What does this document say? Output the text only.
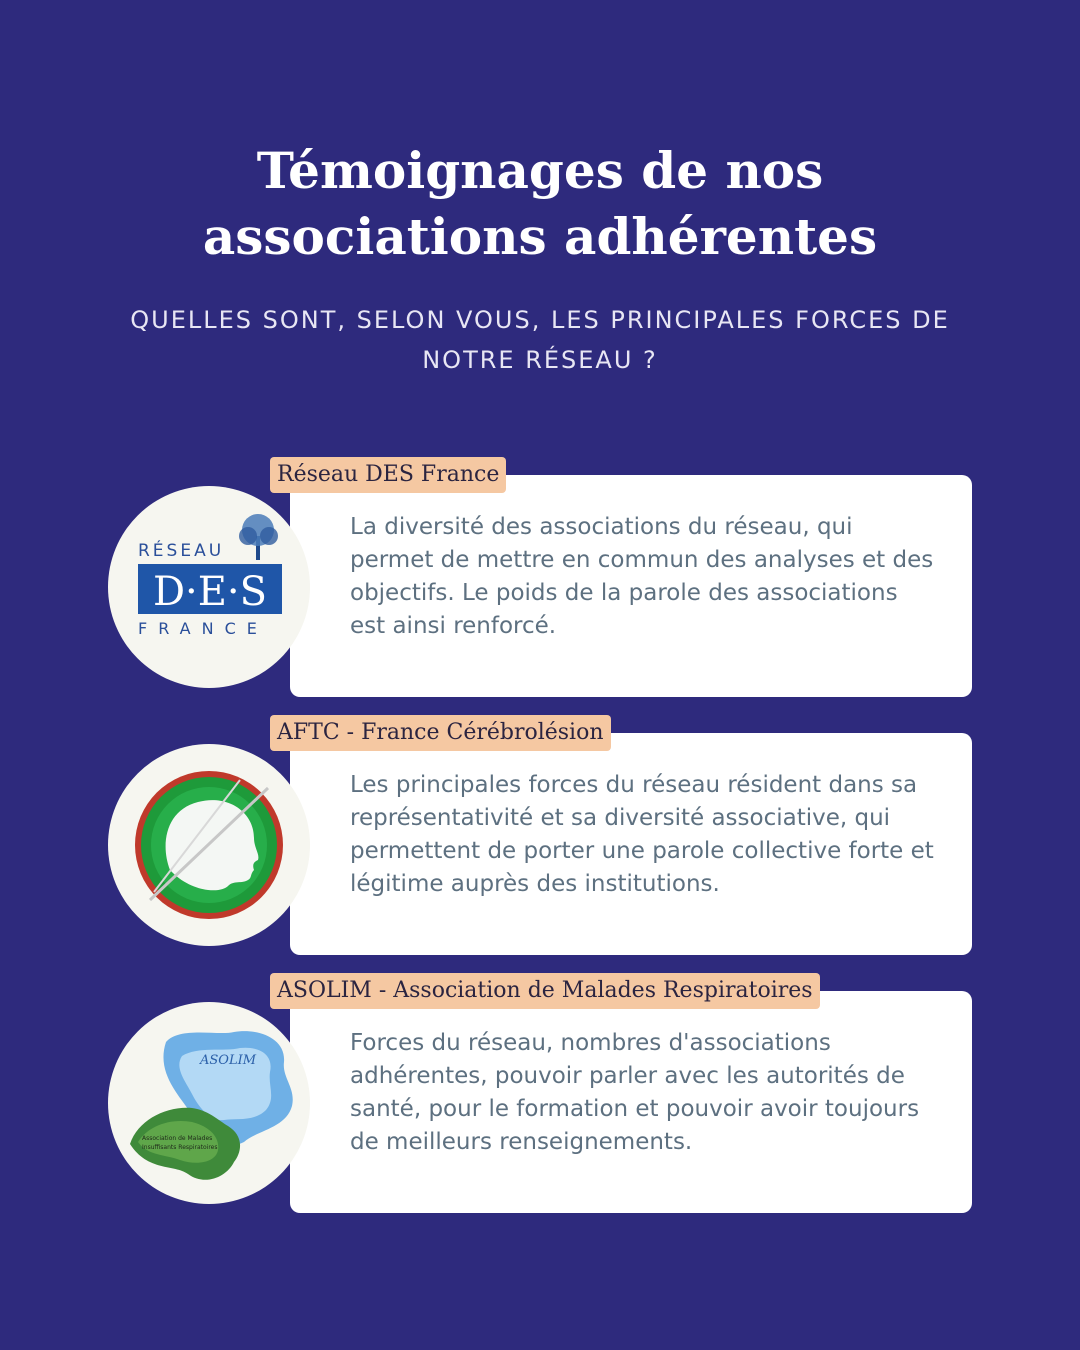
Témoignages de nos
associations adhérentes

QUELLES SONT, SELON VOUS, LES PRINCIPALES FORCES DE NOTRE RÉSEAU ?

La diversité des associations du réseau, qui permet de mettre en commun des analyses et des objectifs. Le poids de la parole des associations est ainsi renforcé.

Réseau DES France
RÉSEAU
D·E·S
FRANCE

Les principales forces du réseau résident dans sa représentativité et sa diversité associative, qui permettent de porter une parole collective forte et légitime auprès des institutions.

AFTC - France Cérébrolésion

Forces du réseau, nombres d'associations adhérentes, pouvoir parler avec les autorités de santé, pour le formation et pouvoir avoir toujours de meilleurs renseignements.

ASOLIM - Association de Malades Respiratoires
ASOLIM
Association de Malades
Insuffisants Respiratoires
